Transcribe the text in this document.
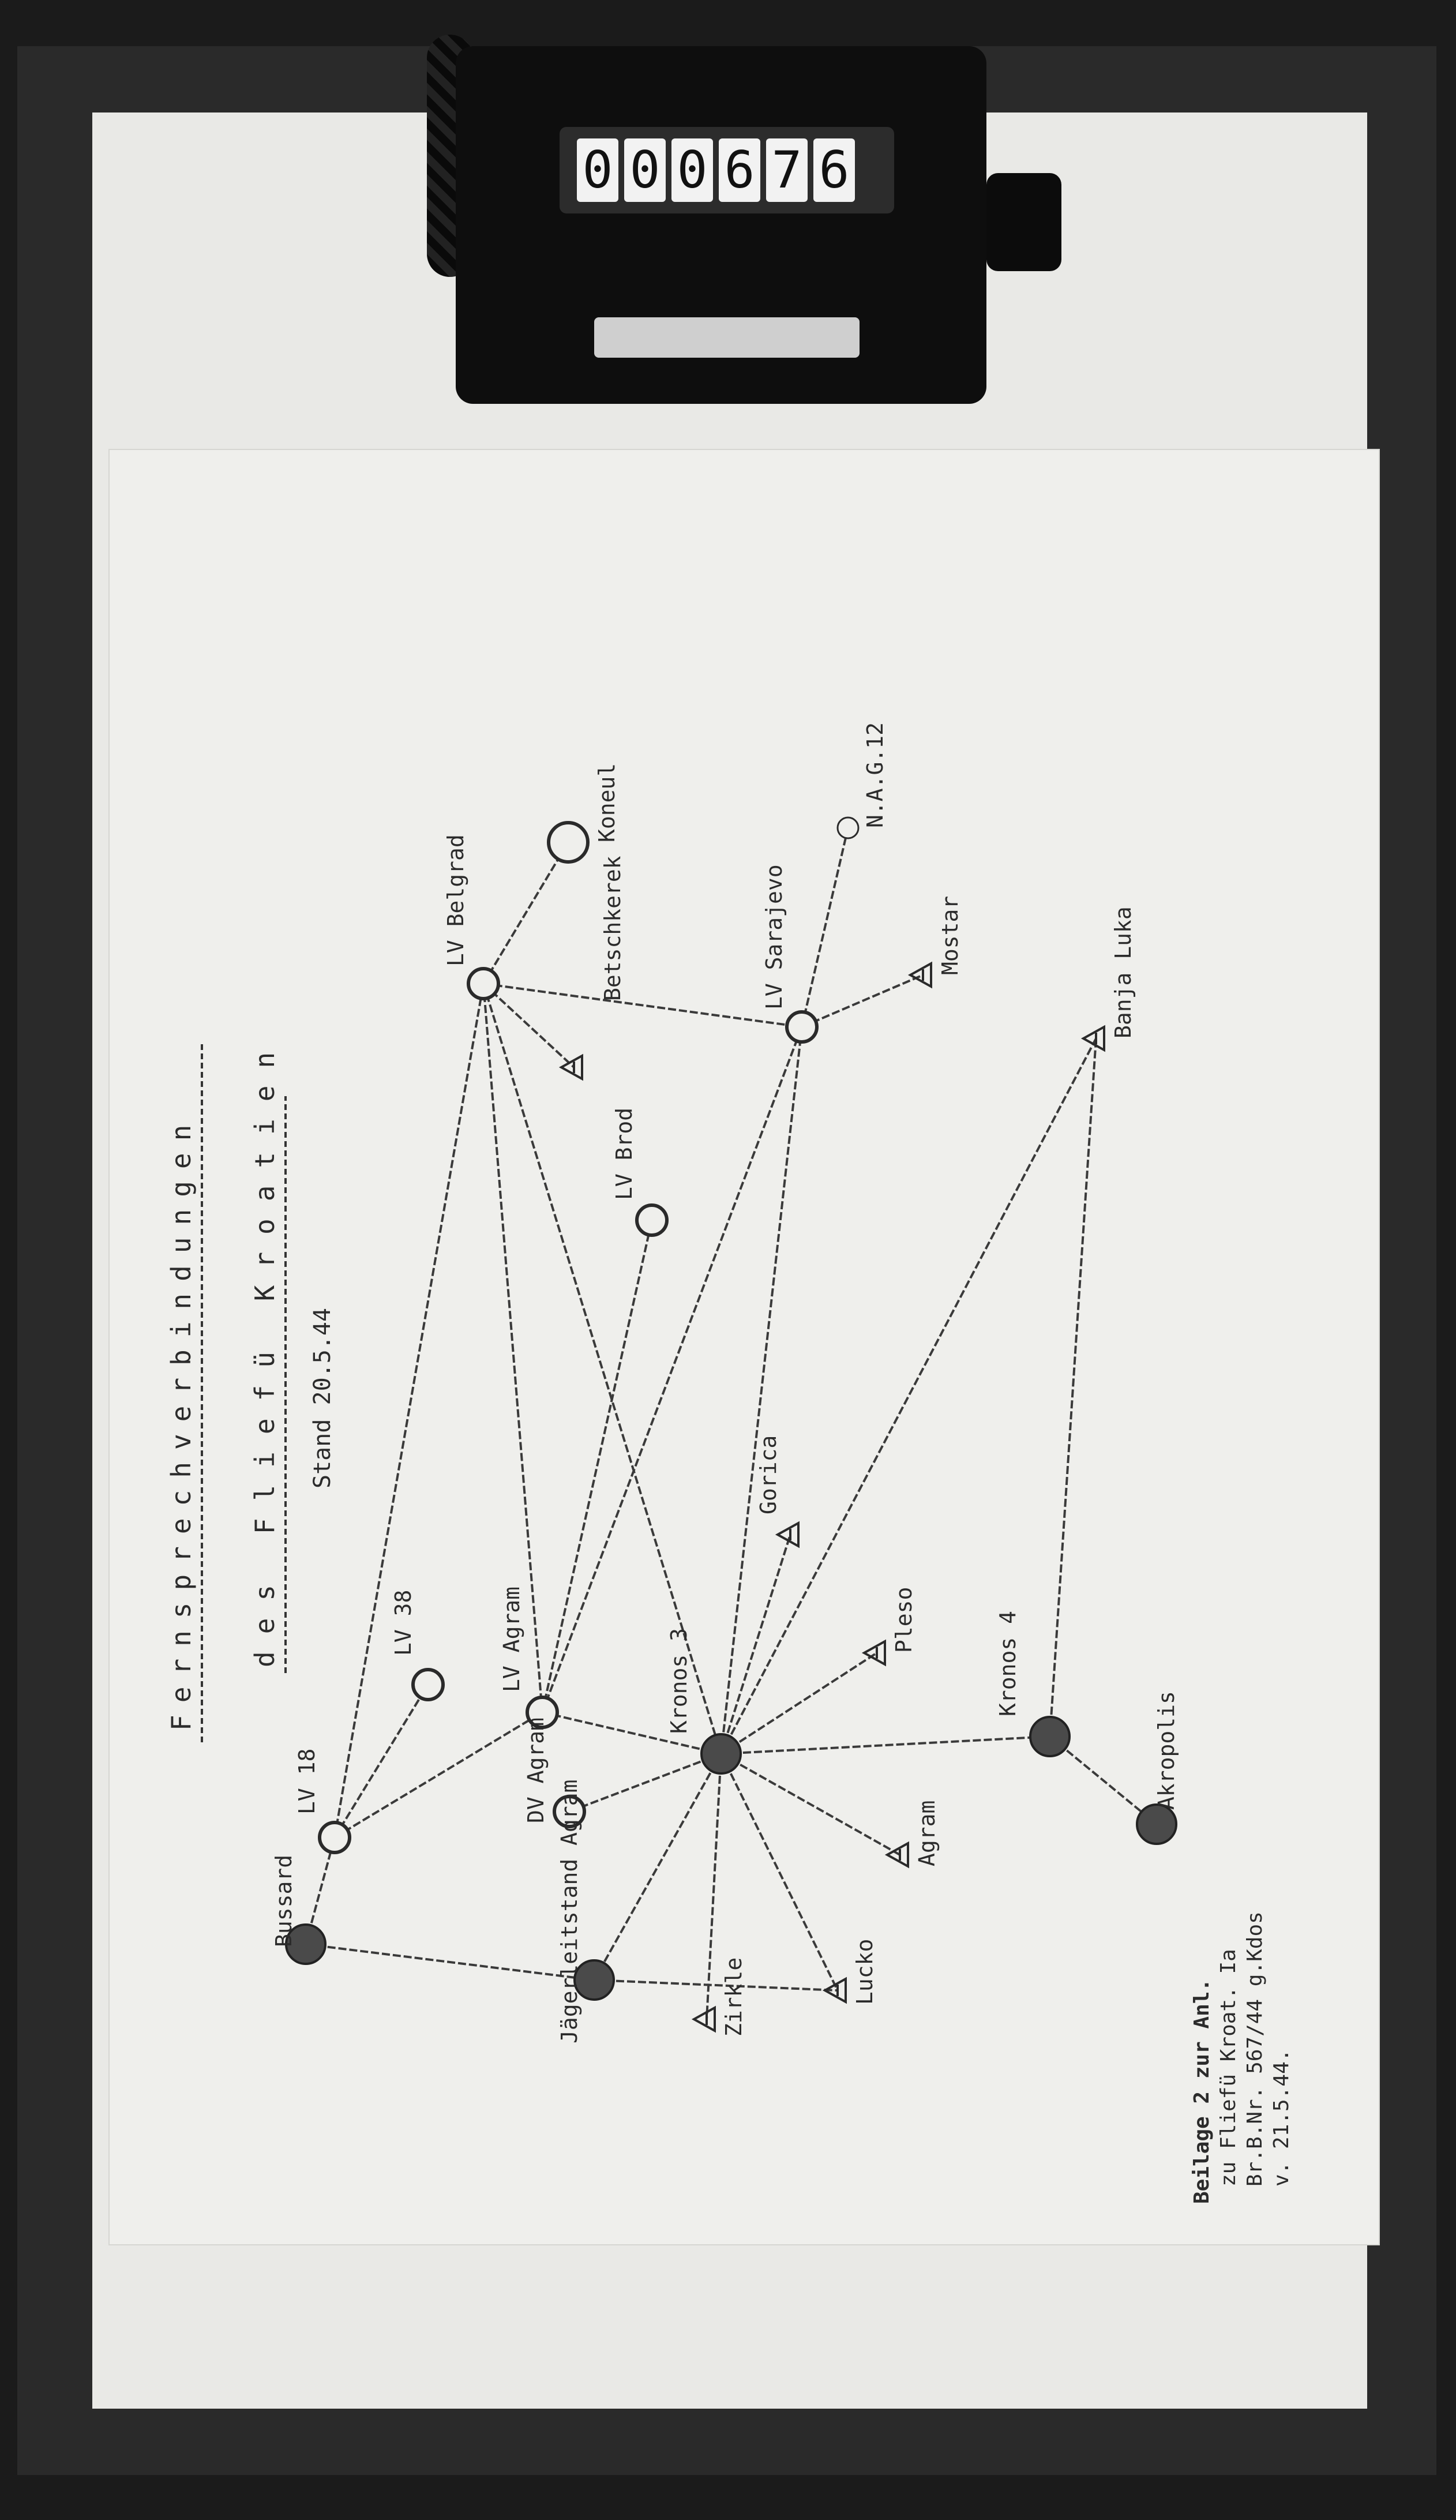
0 0 0 6 7 6
Bussard
LV 18
LV 38	LV Agram
DV Agram
Jägerleitstand Agram
Kronos 3	Kronos 4
Akropolis
LV Belgrad
Koneul
Betschkerek
LV Brod
LV Sarajevo
N.A.G.12
Mostar	Banja Luka
Gorica
Pleso
Agram
Lucko
Zirkle
Fernsprechverbindungen des Fliefü Kroatien Stand 20.5.44
Beilage 2 zur Anl. zu Fliefü Kroat. Ia Br.B.Nr. 567/44 g.Kdos v. 21.5.44.
